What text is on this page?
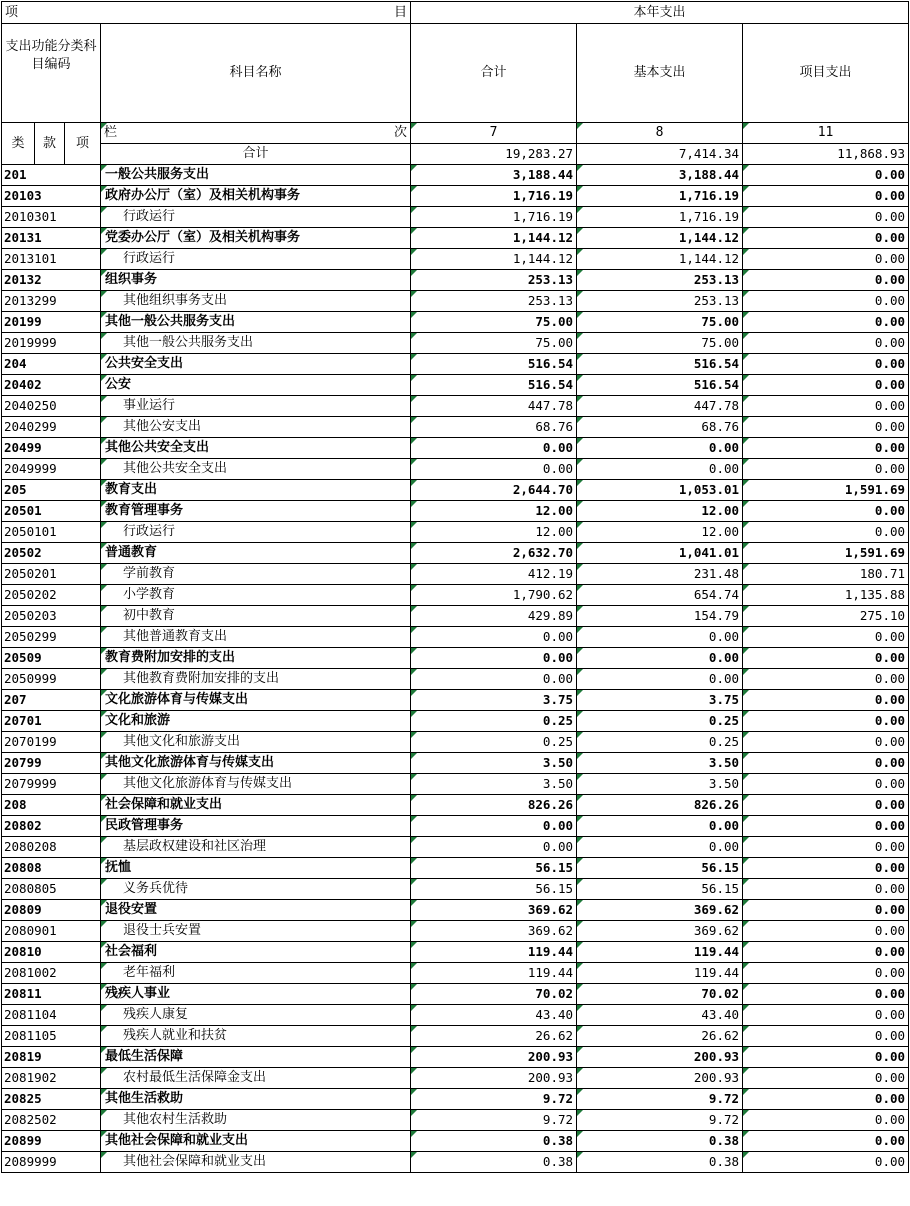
项 目				本年支出		
支出功能分类科目编码			科目名称	合计	基本支出	项目支出
类	款	项	栏 次	7	8	11
			合计	19,283.27	7,414.34	11,868.93
201			一般公共服务支出	3,188.44	3,188.44	0.00
20103			政府办公厅（室）及相关机构事务	1,716.19	1,716.19	0.00
2010301			行政运行	1,716.19	1,716.19	0.00
20131			党委办公厅（室）及相关机构事务	1,144.12	1,144.12	0.00
2013101			行政运行	1,144.12	1,144.12	0.00
20132			组织事务	253.13	253.13	0.00
2013299			其他组织事务支出	253.13	253.13	0.00
20199			其他一般公共服务支出	75.00	75.00	0.00
2019999			其他一般公共服务支出	75.00	75.00	0.00
204			公共安全支出	516.54	516.54	0.00
20402			公安	516.54	516.54	0.00
2040250			事业运行	447.78	447.78	0.00
2040299			其他公安支出	68.76	68.76	0.00
20499			其他公共安全支出	0.00	0.00	0.00
2049999			其他公共安全支出	0.00	0.00	0.00
205			教育支出	2,644.70	1,053.01	1,591.69
20501			教育管理事务	12.00	12.00	0.00
2050101			行政运行	12.00	12.00	0.00
20502			普通教育	2,632.70	1,041.01	1,591.69
2050201			学前教育	412.19	231.48	180.71
2050202			小学教育	1,790.62	654.74	1,135.88
2050203			初中教育	429.89	154.79	275.10
2050299			其他普通教育支出	0.00	0.00	0.00
20509			教育费附加安排的支出	0.00	0.00	0.00
2050999			其他教育费附加安排的支出	0.00	0.00	0.00
207			文化旅游体育与传媒支出	3.75	3.75	0.00
20701			文化和旅游	0.25	0.25	0.00
2070199			其他文化和旅游支出	0.25	0.25	0.00
20799			其他文化旅游体育与传媒支出	3.50	3.50	0.00
2079999			其他文化旅游体育与传媒支出	3.50	3.50	0.00
208			社会保障和就业支出	826.26	826.26	0.00
20802			民政管理事务	0.00	0.00	0.00
2080208			基层政权建设和社区治理	0.00	0.00	0.00
20808			抚恤	56.15	56.15	0.00
2080805			义务兵优待	56.15	56.15	0.00
20809			退役安置	369.62	369.62	0.00
2080901			退役士兵安置	369.62	369.62	0.00
20810			社会福利	119.44	119.44	0.00
2081002			老年福利	119.44	119.44	0.00
20811			残疾人事业	70.02	70.02	0.00
2081104			残疾人康复	43.40	43.40	0.00
2081105			残疾人就业和扶贫	26.62	26.62	0.00
20819			最低生活保障	200.93	200.93	0.00
2081902			农村最低生活保障金支出	200.93	200.93	0.00
20825			其他生活救助	9.72	9.72	0.00
2082502			其他农村生活救助	9.72	9.72	0.00
20899			其他社会保障和就业支出	0.38	0.38	0.00
2089999			其他社会保障和就业支出	0.38	0.38	0.00
